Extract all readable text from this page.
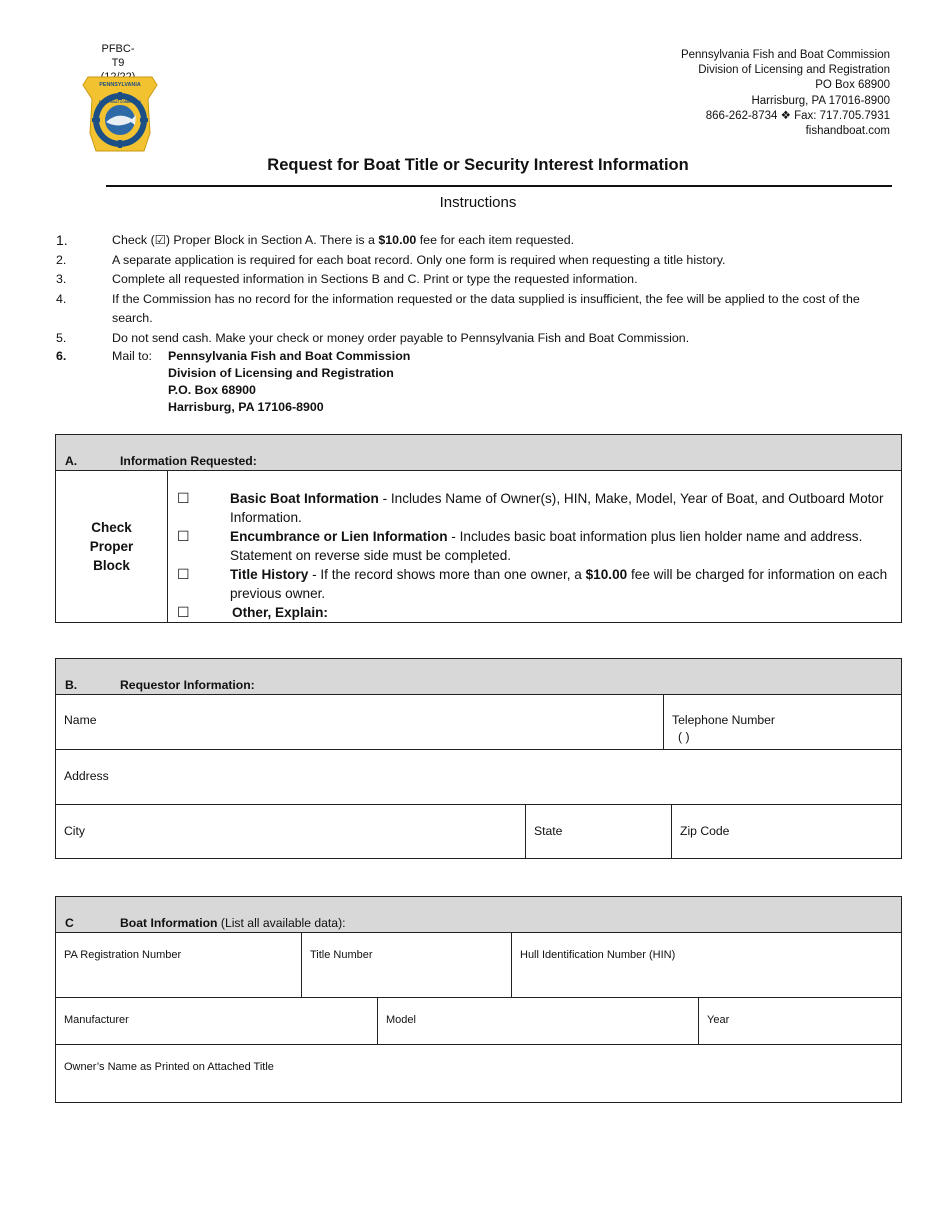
PFBC-T9
PENNSYLVANIA
FISH & BOAT COMMISSION
Pennsylvania Fish and Boat Commission
Division of Licensing and Registration
PO Box 68900
Harrisburg, PA 17016-8900
866-262-8734 ❖ Fax: 717.705.7931
fishandboat.com
Request for Boat Title or Security Interest Information
Instructions
1.	Check (☑) Proper Block in Section A. There is a $10.00 fee for each item requested.
2.	A separate application is required for each boat record. Only one form is required when requesting a title history.
3.	Complete all requested information in Sections B and C. Print or type the requested information.
4.	If the Commission has no record for the information requested or the data supplied is insufficient, the fee will be applied to the cost of the search.
5.	Do not send cash. Make your check or money order payable to Pennsylvania Fish and Boat Commission.
6.	Mail to:	Pennsylvania Fish and Boat Commission
Division of Licensing and Registration
P.O. Box 68900
Harrisburg, PA 17106-8900
A.	Information Requested:
Check
Proper
Block
☐	Basic Boat Information - Includes Name of Owner(s), HIN, Make, Model, Year of Boat, and Outboard Motor Information.
☐	Encumbrance or Lien Information - Includes basic boat information plus lien holder name and address. Statement on reverse side must be completed.
☐	Title History - If the record shows more than one owner, a $10.00 fee will be charged for information on each previous owner.
☐	Other, Explain:
B.	Requestor Information:
Name	Telephone Number
( )
Address
City	State	Zip Code
C	Boat Information (List all available data):
PA Registration Number	Title Number	Hull Identification Number (HIN)
Manufacturer	Model	Year
Owner’s Name as Printed on Attached Title
